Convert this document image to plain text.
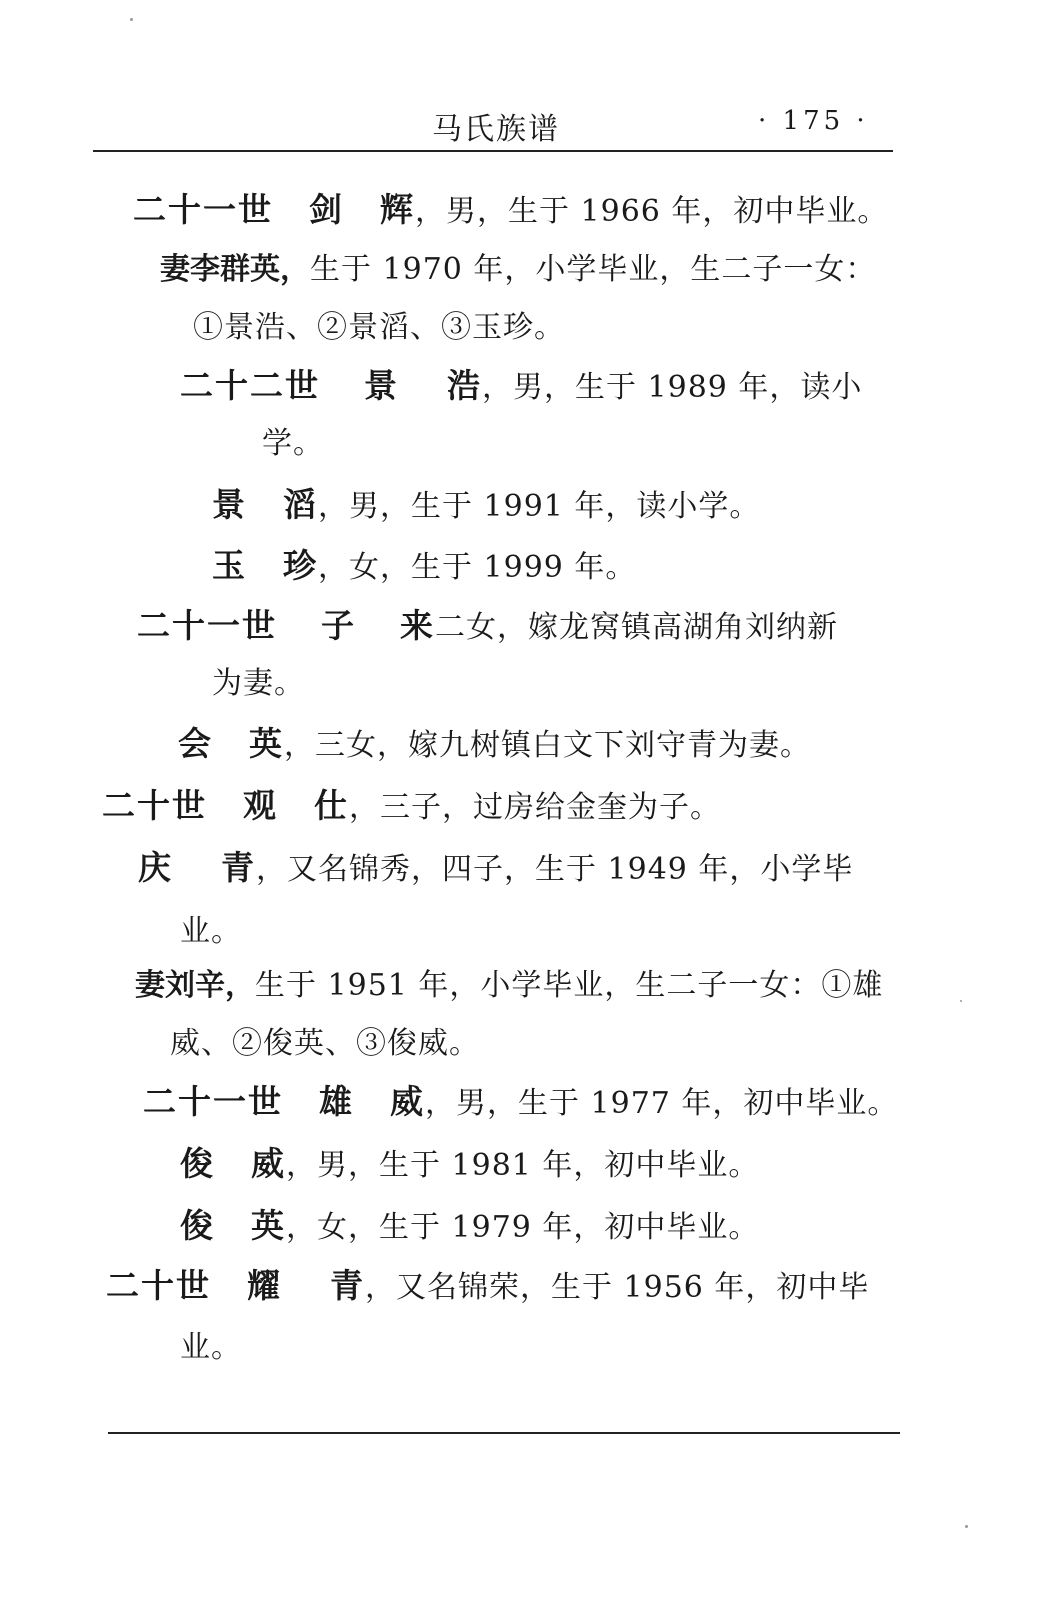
马氏族谱	· 175 ·
二十一世 剑 辉，男，生于 1966 年，初中毕业。
妻李群英，生于 1970 年，小学毕业，生二子一女：
①景浩、②景滔、③玉珍。
二十二世 景 浩，男，生于 1989 年，读小
学。
景 滔，男，生于 1991 年，读小学。
玉 珍，女，生于 1999 年。
二十一世 子 来二女，嫁龙窝镇高湖角刘纳新
为妻。
会 英，三女，嫁九树镇白文下刘守青为妻。
二十世 观 仕，三子，过房给金奎为子。
庆 青，又名锦秀，四子，生于 1949 年，小学毕
业。
妻刘辛，生于 1951 年，小学毕业，生二子一女：①雄
威、②俊英、③俊威。
二十一世 雄 威，男，生于 1977 年，初中毕业。
俊 威，男，生于 1981 年，初中毕业。
俊 英，女，生于 1979 年，初中毕业。
二十世 耀 青，又名锦荣，生于 1956 年，初中毕
业。
